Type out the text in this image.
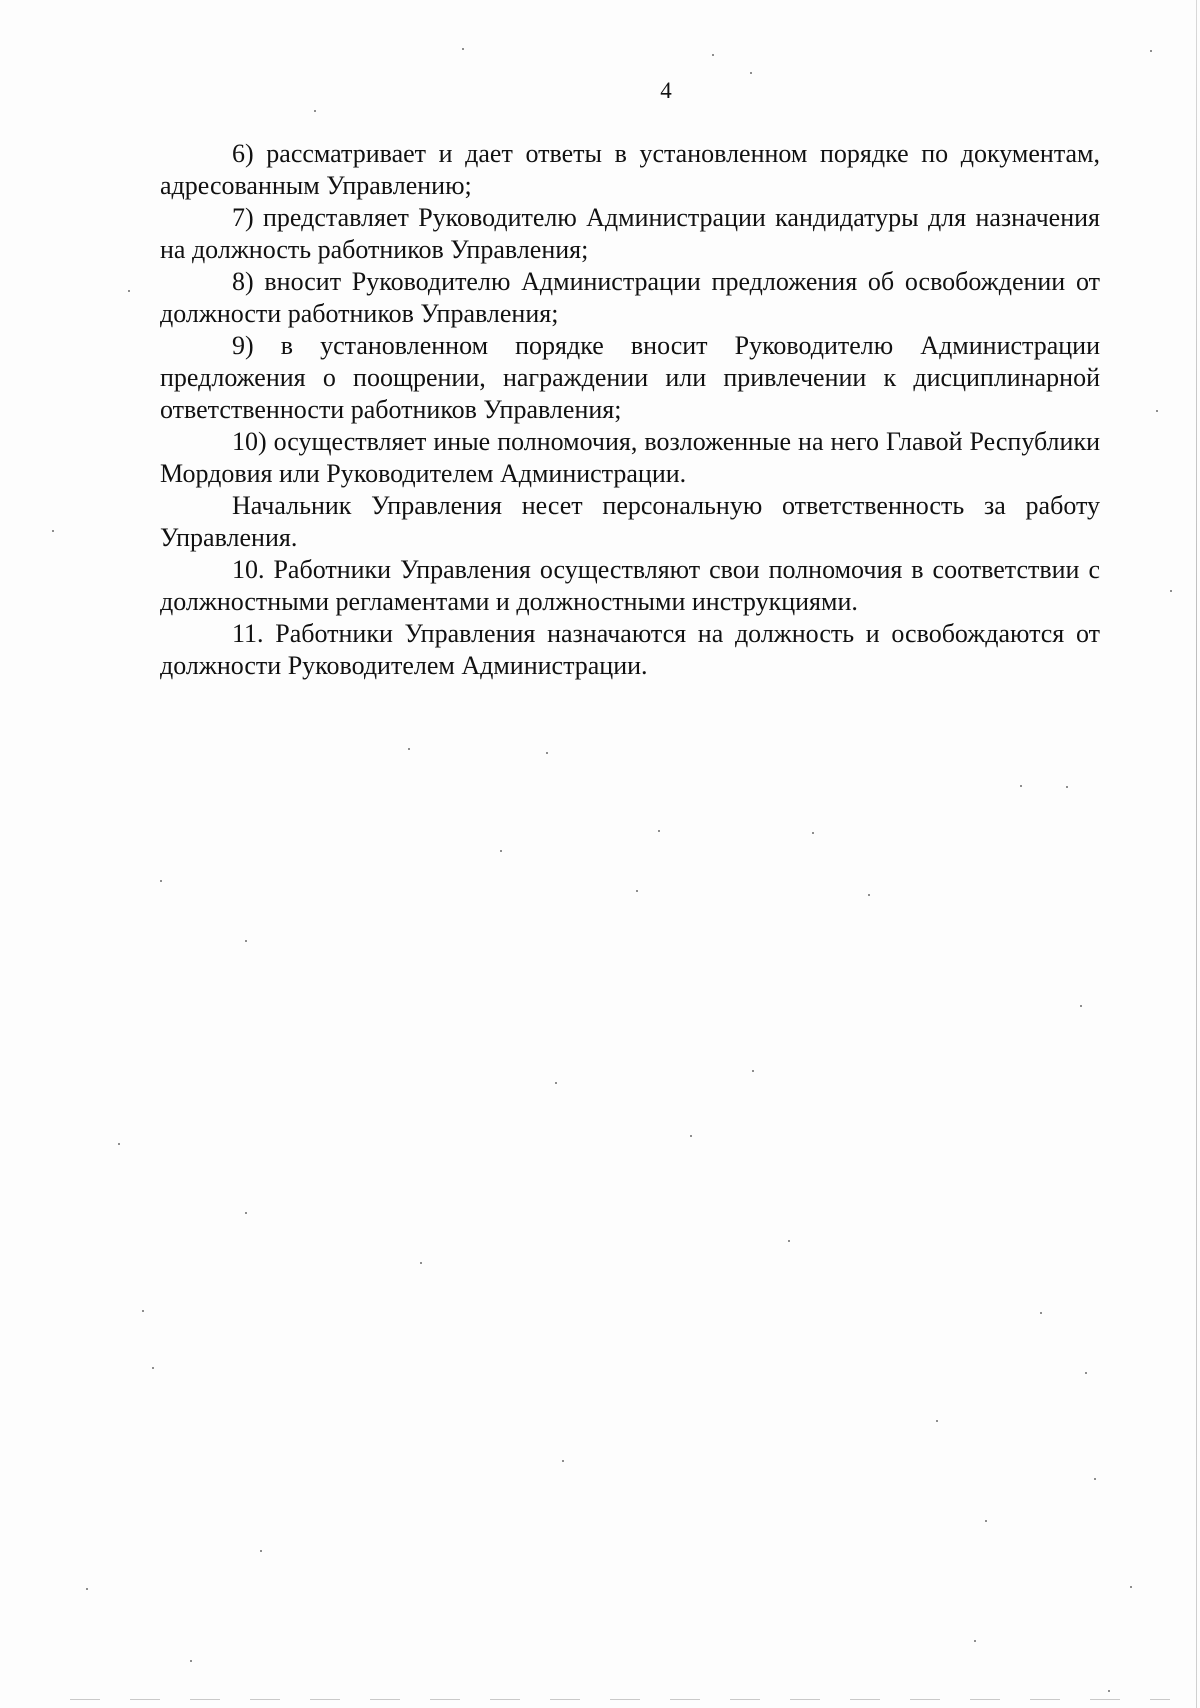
4

6) рассматривает и дает ответы в установленном порядке по документам, адресованным Управлению;

7) представляет Руководителю Администрации кандидатуры для назначения на должность работников Управления;

8) вносит Руководителю Администрации предложения об освобождении от должности работников Управления;

9) в установленном порядке вносит Руководителю Администрации предложения о поощрении, награждении или привлечении к дисциплинарной ответственности работников Управления;

10) осуществляет иные полномочия, возложенные на него Главой Республики Мордовия или Руководителем Администрации.

Начальник Управления несет персональную ответственность за работу Управления.

10. Работники Управления осуществляют свои полномочия в соответствии с должностными регламентами и должностными инструкциями.

11. Работники Управления назначаются на должность и освобождаются от должности Руководителем Администрации.
